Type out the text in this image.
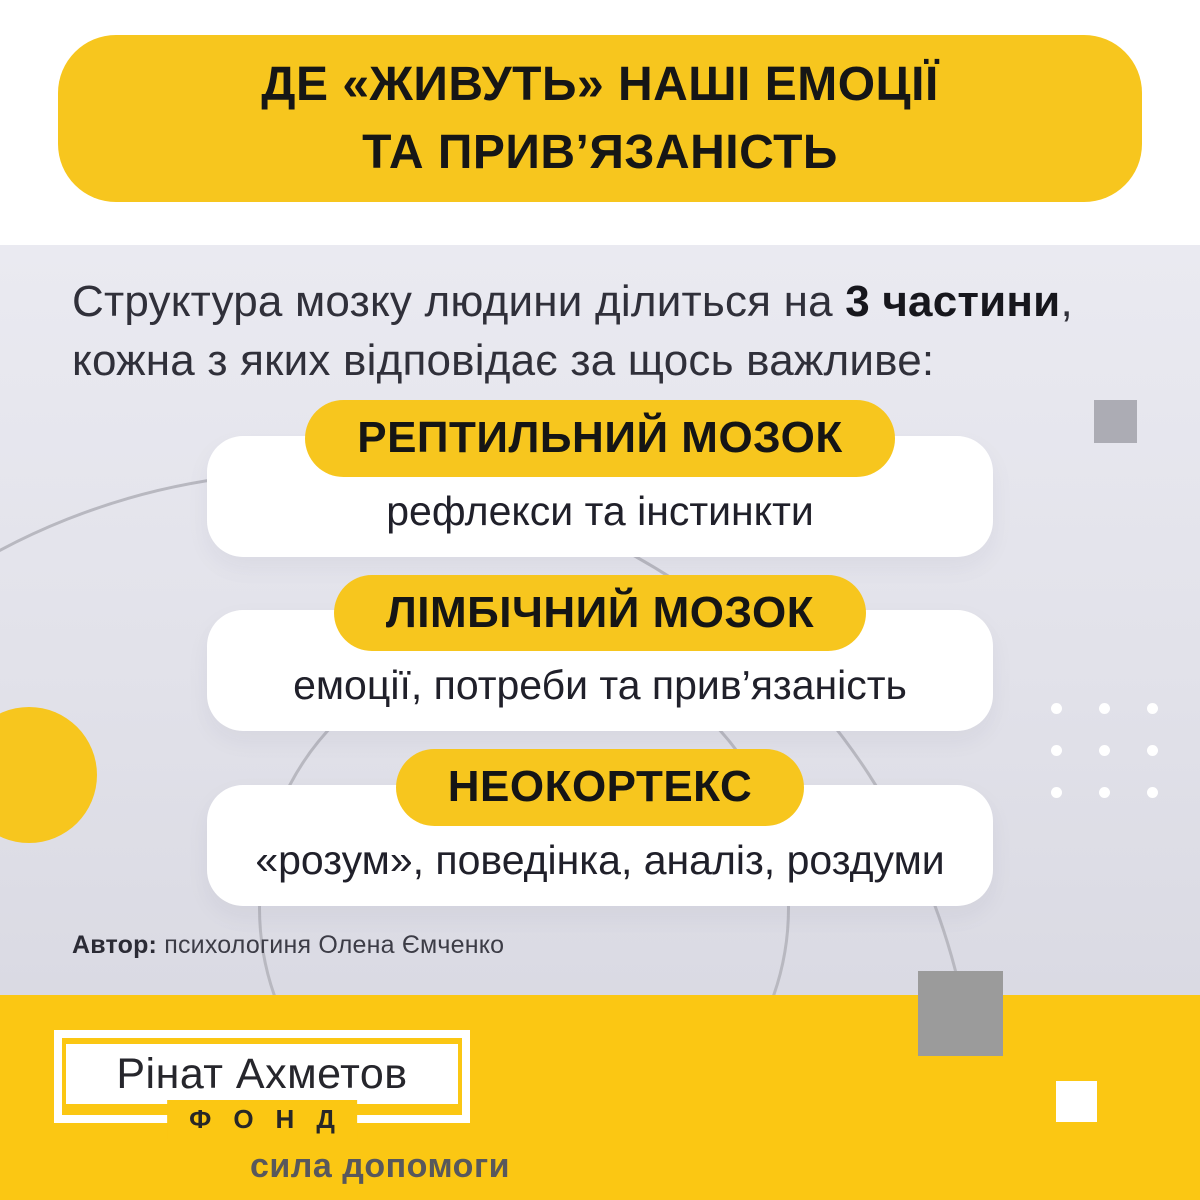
ДЕ «ЖИВУТЬ» НАШІ ЕМОЦІЇ
ТА ПРИВ’ЯЗАНІСТЬ
Структура мозку людини ділиться на 3 частини,
кожна з яких відповідає за щось важливе:
РЕПТИЛЬНИЙ МОЗОК
рефлекси та інстинкти
ЛІМБІЧНИЙ МОЗОК
емоції, потреби та прив’язаність
НЕОКОРТЕКС
«розум», поведінка, аналіз, роздуми
Автор: психологиня Олена Ємченко
Рінат Ахметов
ФОНД
сила допомоги
